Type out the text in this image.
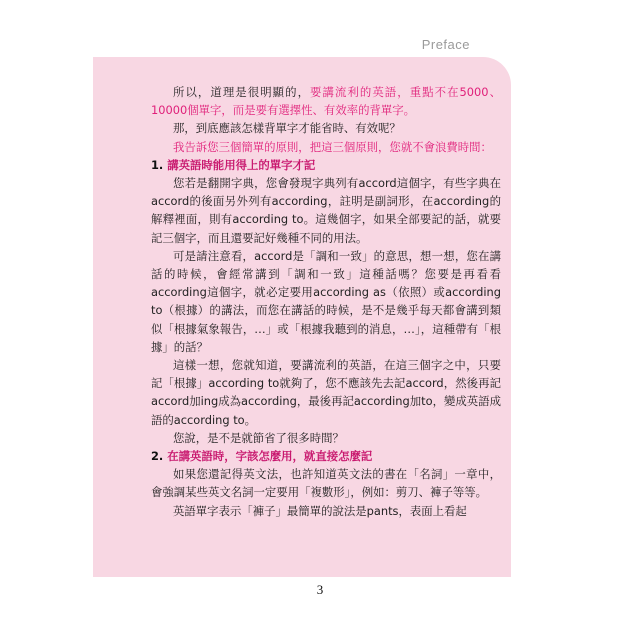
Preface

所以，道理是很明顯的，要講流利的英語，重點不在5000、10000個單字，而是要有選擇性、有效率的背單字。

那，到底應該怎樣背單字才能省時、有效呢？

我告訴您三個簡單的原則，把這三個原則，您就不會浪費時間：

1. 講英語時能用得上的單字才記

您若是翻開字典，您會發現字典列有accord這個字，有些字典在accord的後面另外列有according，註明是副詞形，在according的解釋裡面，則有according to。這幾個字，如果全部要記的話，就要記三個字，而且還要記好幾種不同的用法。

可是請注意看，accord是「調和一致」的意思，想一想，您在講話的時候，會經常講到「調和一致」這種話嗎？您要是再看看according這個字，就必定要用according as（依照）或according to（根據）的講法，而您在講話的時候，是不是幾乎每天都會講到類似「根據氣象報告，…」或「根據我聽到的消息，…」，這種帶有「根據」的話？

這樣一想，您就知道，要講流利的英語，在這三個字之中，只要記「根據」according to就夠了，您不應該先去記accord，然後再記accord加ing成為according，最後再記according加to，變成英語成語的according to。

您說，是不是就節省了很多時間？

2. 在講英語時，字該怎麼用，就直接怎麼記

如果您還記得英文法，也許知道英文法的書在「名詞」一章中，會強調某些英文名詞一定要用「複數形」，例如：剪刀、褲子等等。

英語單字表示「褲子」最簡單的說法是pants，表面上看起

3
